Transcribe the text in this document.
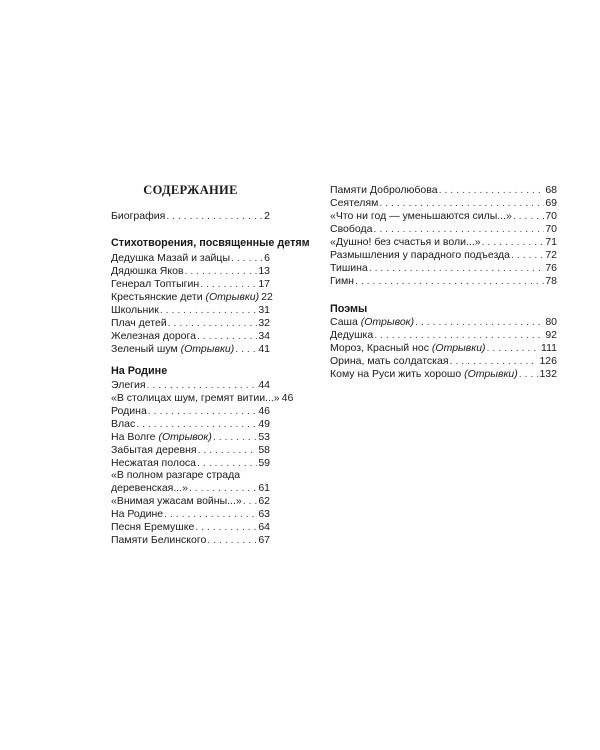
СОДЕРЖАНИЕ
Биография . . .	2
Стихотворения, посвященные детям
Дедушка Мазай и зайцы . . .	6
Дядюшка Яков . . .	13
Генерал Топтыгин . . .	17
Крестьянские дети (Отрывки) 22
Школьник . . .	31
Плач детей . . .	32
Железная дорога . . .	34
Зеленый шум (Отрывки) . . . 41
На Родине
Элегия . . .	44
«В столицах шум, гремят витии...» 46
Родина . . .	46
Влас . . .	49
На Волге (Отрывок) . . .	53
Забытая деревня . . .	58
Несжатая полоса . . .	59
«В полном разгаре страда
деревенская...» . . .	61
«Внимая ужасам войны...» . . . 62
На Родине . . .	63
Песня Еремушке . . .	64
Памяти Белинского . . .	67
Памяти Добролюбова . . .	68
Сеятелям . . .	69
«Что ни год — уменьшаются силы...» . . .	70
Свобода . . .	70
«Душно! без счастья и воли...» . . .	71
Размышления у парадного подъезда . . .	72
Тишина . . .	76
Гимн . . .	78
Поэмы
Саша (Отрывок) . . .	80
Дедушка . . .	92
Мороз, Красный нос (Отрывки) . . .	111
Орина, мать солдатская . . .	126
Кому на Руси жить хорошо (Отрывки) . . . 132
